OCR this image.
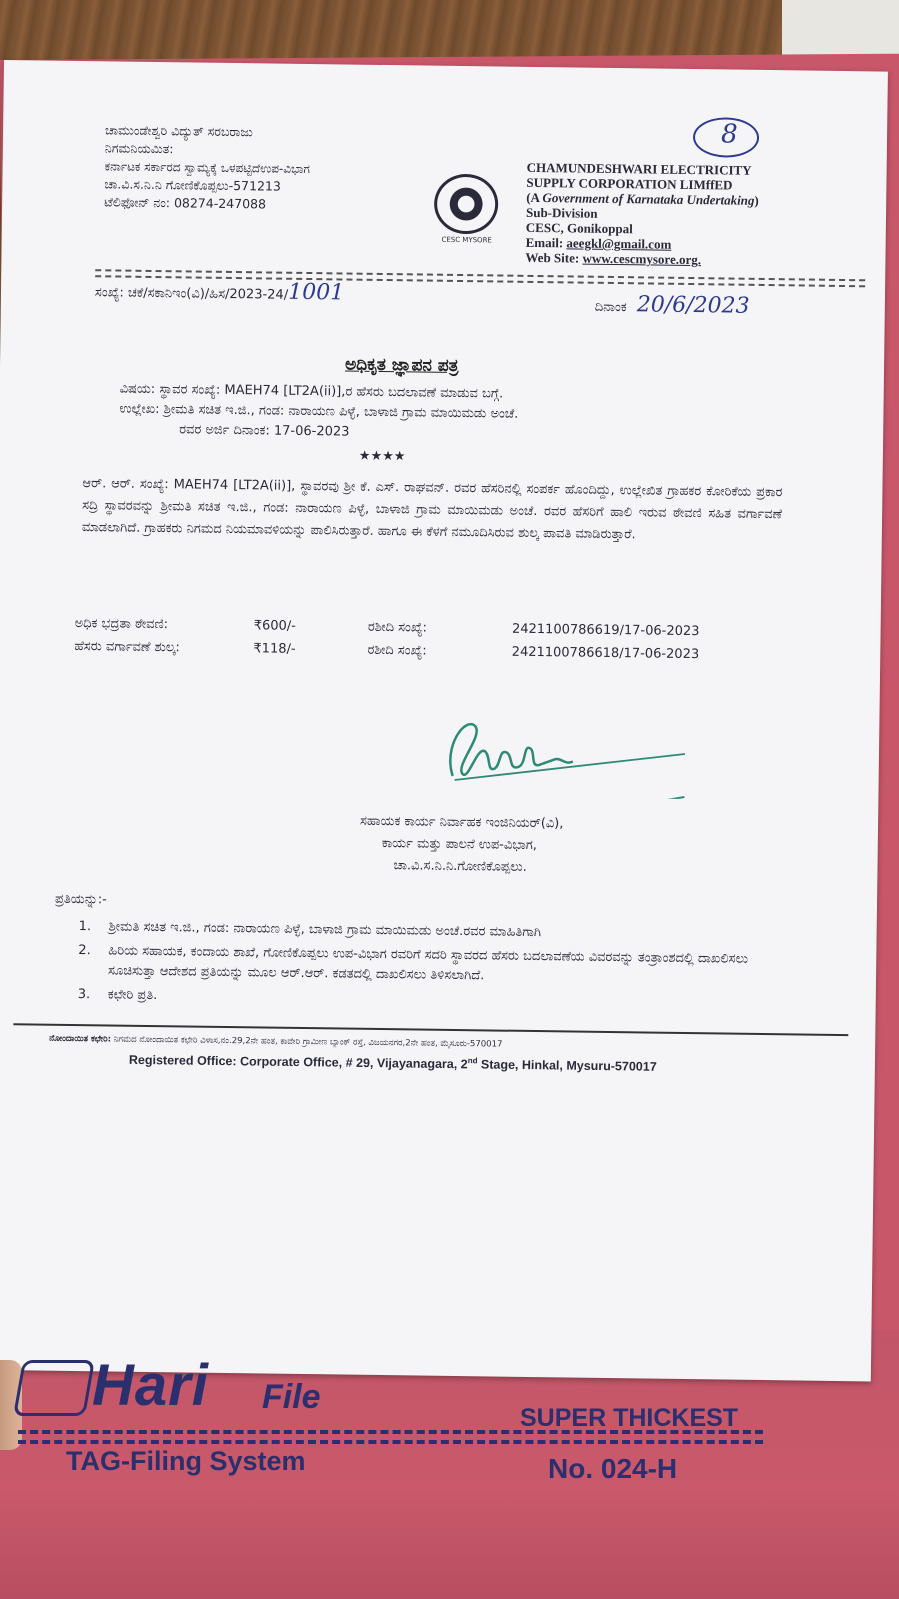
ಚಾಮುಂಡೇಶ್ವರಿ ವಿದ್ಯುತ್ ಸರಬರಾಜು
ನಿಗಮನಿಯಮಿತ:
ಕರ್ನಾಟಕ ಸರ್ಕಾರದ ಸ್ವಾಮ್ಯಕ್ಕೆ ಒಳಪಟ್ಟಿದೆಉಪ-ವಿಭಾಗ
ಚಾ.ವಿ.ಸ.ನಿ.ನಿ ಗೋಣಿಕೊಪ್ಪಲು-571213
ಟೆಲಿಫೋನ್ ನಂ: 08274-247088
CESC MYSORE
8
CHAMUNDESHWARI ELECTRICITY
SUPPLY CORPORATION LIMffED
(A Government of Karnataka Undertaking)
Sub-Division
CESC, Gonikoppal
Email: aeegkl@gmail.com
Web Site: www.cescmysore.org.
ಸಂಖ್ಯೆ: ಚಕೆ/ಸಕಾನಿಇಂ(ವಿ)/ಹಿಸ/2023-24/1001
ದಿನಾಂಕ 20/6/2023
ಅಧಿಕೃತ ಜ್ಞಾಪನ ಪತ್ರ
ವಿಷಯ: ಸ್ಥಾವರ ಸಂಖ್ಯೆ: MAEH74 [LT2A(ii)],ರ ಹೆಸರು ಬದಲಾವಣೆ ಮಾಡುವ ಬಗ್ಗೆ.
ಉಲ್ಲೇಖ: ಶ್ರೀಮತಿ ಸಚಿತ ಇ.ಜಿ., ಗಂಡ: ನಾರಾಯಣ ಪಿಳ್ಳೆ, ಬಾಳಾಜಿ ಗ್ರಾಮ ಮಾಯಿಮಡು ಅಂಚೆ.
ರವರ ಅರ್ಜಿ ದಿನಾಂಕ: 17-06-2023
★★★★
ಆರ್. ಆರ್. ಸಂಖ್ಯೆ: MAEH74 [LT2A(ii)], ಸ್ಥಾವರವು ಶ್ರೀ ಕೆ. ಎಸ್. ರಾಘವನ್. ರವರ ಹೆಸರಿನಲ್ಲಿ ಸಂಪರ್ಕ ಹೊಂದಿದ್ದು, ಉಲ್ಲೇಖಿತ ಗ್ರಾಹಕರ ಕೋರಿಕೆಯ ಪ್ರಕಾರ ಸದ್ರಿ ಸ್ಥಾವರವನ್ನು ಶ್ರೀಮತಿ ಸಚಿತ ಇ.ಜಿ., ಗಂಡ: ನಾರಾಯಣ ಪಿಳ್ಳೆ, ಬಾಳಾಜಿ ಗ್ರಾಮ ಮಾಯಿಮಡು ಅಂಚೆ. ರವರ ಹೆಸರಿಗೆ ಹಾಲಿ ಇರುವ ಠೇವಣಿ ಸಹಿತ ವರ್ಗಾವಣೆ ಮಾಡಲಾಗಿದೆ. ಗ್ರಾಹಕರು ನಿಗಮದ ನಿಯಮಾವಳಿಯನ್ನು ಪಾಲಿಸಿರುತ್ತಾರೆ. ಹಾಗೂ ಈ ಕೆಳಗೆ ನಮೂದಿಸಿರುವ ಶುಲ್ಕ ಪಾವತಿ ಮಾಡಿರುತ್ತಾರೆ.
ಅಧಿಕ ಭದ್ರತಾ ಠೇವಣಿ:	₹600/-	ರಶೀದಿ ಸಂಖ್ಯೆ:	2421100786619/17-06-2023
ಹೆಸರು ವರ್ಗಾವಣೆ ಶುಲ್ಕ:	₹118/-	ರಶೀದಿ ಸಂಖ್ಯೆ:	2421100786618/17-06-2023
ಸಹಾಯಕ ಕಾರ್ಯ ನಿರ್ವಾಹಕ ಇಂಜಿನಿಯರ್(ವಿ),
ಕಾರ್ಯ ಮತ್ತು ಪಾಲನೆ ಉಪ-ವಿಭಾಗ,
ಚಾ.ವಿ.ಸ.ನಿ.ನಿ.ಗೋಣಿಕೊಪ್ಪಲು.
ಪ್ರತಿಯನ್ನು:-
1.	ಶ್ರೀಮತಿ ಸಚಿತ ಇ.ಜಿ., ಗಂಡ: ನಾರಾಯಣ ಪಿಳ್ಳೆ, ಬಾಳಾಜಿ ಗ್ರಾಮ ಮಾಯಿಮಡು ಅಂಚೆ.ರವರ ಮಾಹಿತಿಗಾಗಿ
2.	ಹಿರಿಯ ಸಹಾಯಕ, ಕಂದಾಯ ಶಾಖೆ, ಗೋಣಿಕೊಪ್ಪಲು ಉಪ-ವಿಭಾಗ ರವರಿಗೆ ಸದರಿ ಸ್ಥಾವರದ ಹೆಸರು ಬದಲಾವಣೆಯ ವಿವರವನ್ನು ತಂತ್ರಾಂಶದಲ್ಲಿ ದಾಖಲಿಸಲು ಸೂಚಿಸುತ್ತಾ ಆದೇಶದ ಪ್ರತಿಯನ್ನು ಮೂಲ ಆರ್.ಆರ್. ಕಡತದಲ್ಲಿ ದಾಖಲಿಸಲು ತಿಳಿಸಲಾಗಿದೆ.
3.	ಕಛೇರಿ ಪ್ರತಿ.
ನೋಂದಾಯಿತ ಕಛೇರಿ: ನಿಗಮದ ನೋಂದಾಯಿತ ಕಛೇರಿ ವಿಳಾಸ,ನಂ.29,2ನೇ ಹಂತ, ಕಾವೇರಿ ಗ್ರಾಮೀಣ ಬ್ಯಾಂಕ್ ರಸ್ತೆ, ವಿಜಯನಗರ,2ನೇ ಹಂತ, ಮೈಸೂರು-570017
Registered Office: Corporate Office, # 29, Vijayanagara, 2nd Stage, Hinkal, Mysuru-570017
Hari File
SUPER THICKEST
TAG-Filing System	No. 024-H
